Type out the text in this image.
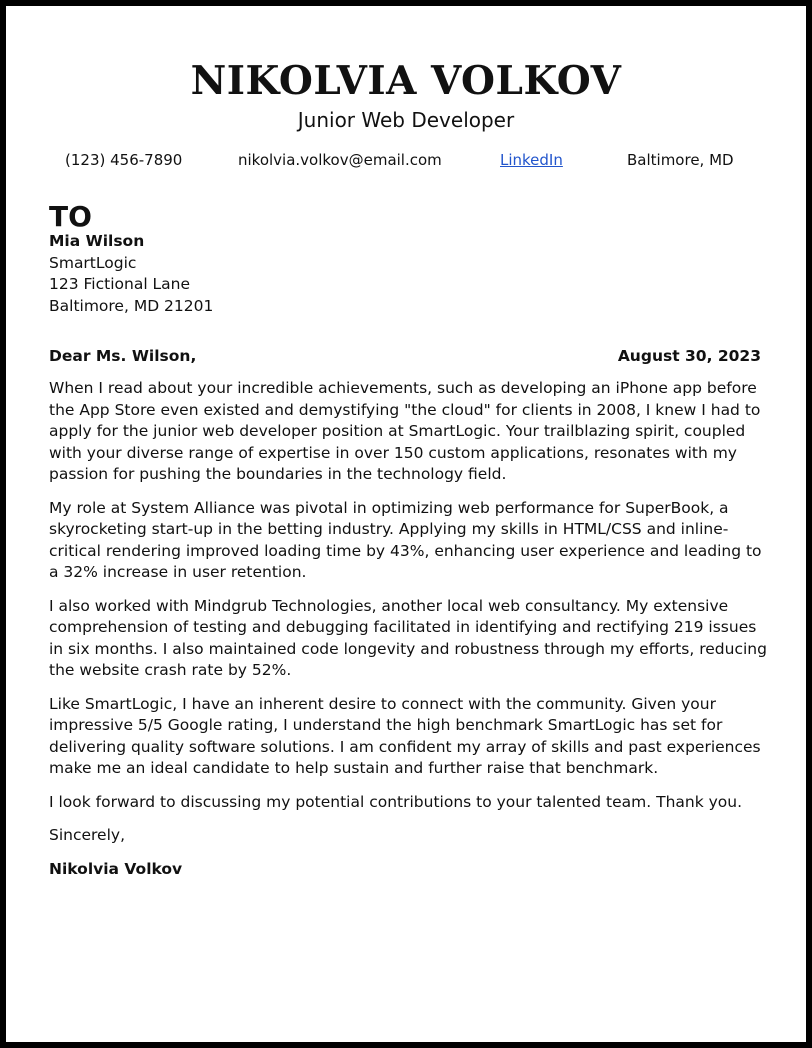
NIKOLVIA VOLKOV
Junior Web Developer
(123) 456-7890	nikolvia.volkov@email.com	LinkedIn	Baltimore, MD
TO
Mia Wilson
SmartLogic
123 Fictional Lane
Baltimore, MD 21201
Dear Ms. Wilson,	August 30, 2023

When I read about your incredible achievements, such as developing an iPhone app before the App Store even existed and demystifying "the cloud" for clients in 2008, I knew I had to apply for the junior web developer position at SmartLogic. Your trailblazing spirit, coupled with your diverse range of expertise in over 150 custom applications, resonates with my passion for pushing the boundaries in the technology field.

My role at System Alliance was pivotal in optimizing web performance for SuperBook, a skyrocketing start-up in the betting industry. Applying my skills in HTML/CSS and inline-critical rendering improved loading time by 43%, enhancing user experience and leading to a 32% increase in user retention.

I also worked with Mindgrub Technologies, another local web consultancy. My extensive comprehension of testing and debugging facilitated in identifying and rectifying 219 issues in six months. I also maintained code longevity and robustness through my efforts, reducing the website crash rate by 52%.

Like SmartLogic, I have an inherent desire to connect with the community. Given your impressive 5/5 Google rating, I understand the high benchmark SmartLogic has set for delivering quality software solutions. I am confident my array of skills and past experiences make me an ideal candidate to help sustain and further raise that benchmark.

I look forward to discussing my potential contributions to your talented team. Thank you.

Sincerely,

Nikolvia Volkov
